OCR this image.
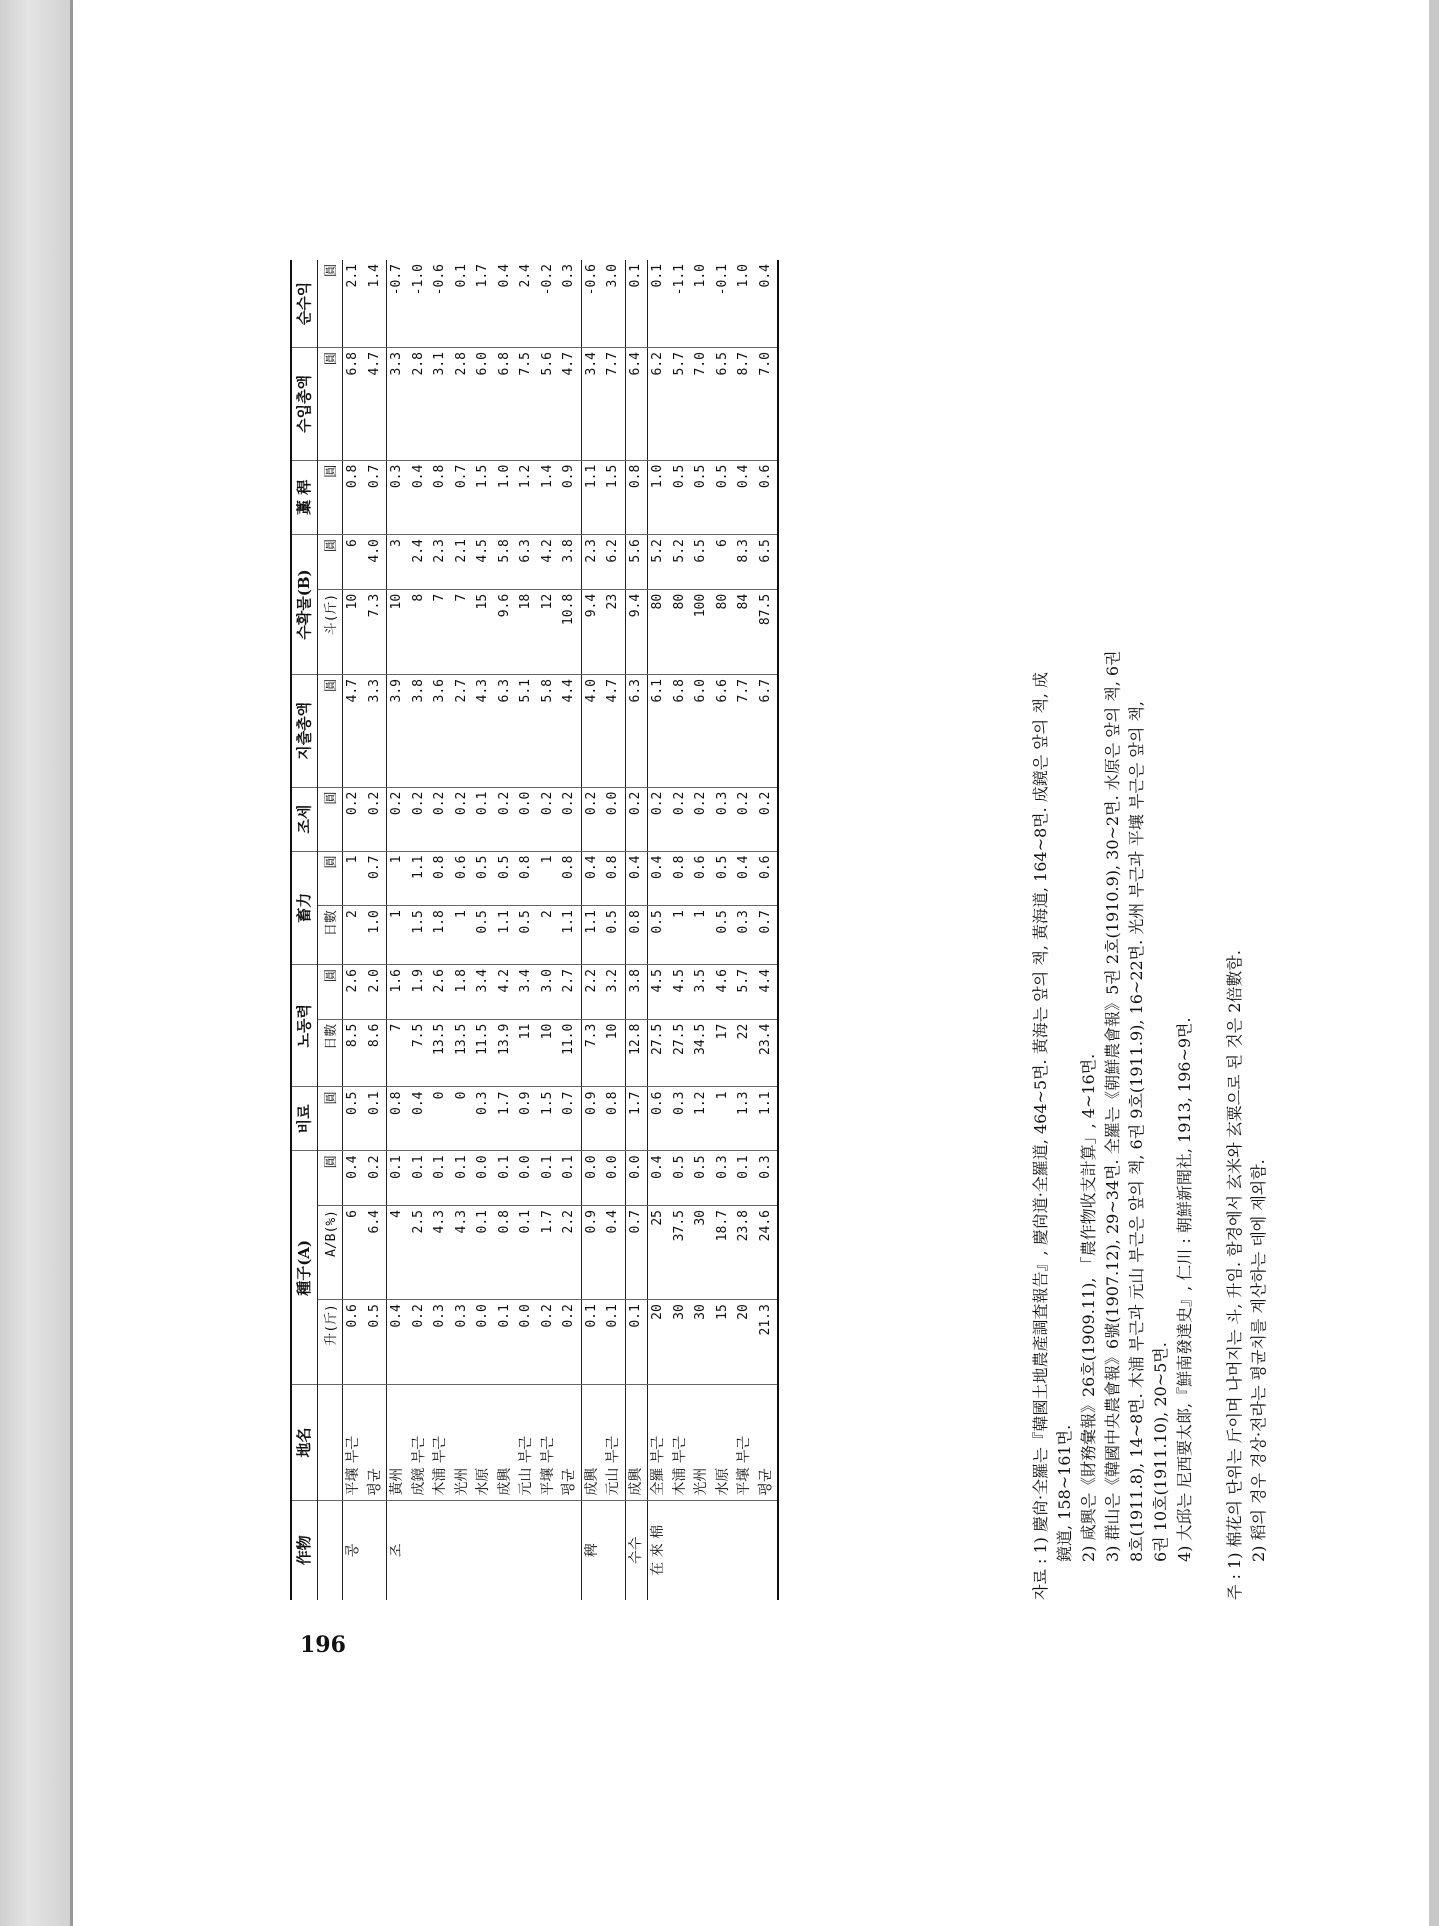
196
作物	地名	種子(A)			비료	노동력		畜力		조세	지출총액	수확물(B)		藁 稈	수입총액	순수익
		升(斤)	A/B(%)	圓	圓	日數	圓	日數	圓	圓	圓	斗(斤)	圓	圓	圓	圓
콩	平壤 부근	0.6	6	0.4	0.5	8.5	2.6	2	1	0.2	4.7	10	6	0.8	6.8	2.1
	평균	0.5	6.4	0.2	0.1	8.6	2.0	1.0	0.7	0.2	3.3	7.3	4.0	0.7	4.7	1.4
조	黃州	0.4	4	0.1	0.8	7	1.6	1	1	0.2	3.9	10	3	0.3	3.3	-0.7
	成鏡 부근	0.2	2.5	0.1	0.4	7.5	1.9	1.5	1.1	0.2	3.8	8	2.4	0.4	2.8	-1.0
	木浦 부근	0.3	4.3	0.1	0	13.5	2.6	1.8	0.8	0.2	3.6	7	2.3	0.8	3.1	-0.6
	光州	0.3	4.3	0.1	0	13.5	1.8	1	0.6	0.2	2.7	7	2.1	0.7	2.8	0.1
	水原	0.0	0.1	0.0	0.3	11.5	3.4	0.5	0.5	0.1	4.3	15	4.5	1.5	6.0	1.7
	成興	0.1	0.8	0.1	1.7	13.9	4.2	1.1	0.5	0.2	6.3	9.6	5.8	1.0	6.8	0.4
	元山 부근	0.0	0.1	0.0	0.9	11	3.4	0.5	0.8	0.0	5.1	18	6.3	1.2	7.5	2.4
	平壤 부근	0.2	1.7	0.1	1.5	10	3.0	2	1	0.2	5.8	12	4.2	1.4	5.6	-0.2
	평균	0.2	2.2	0.1	0.7	11.0	2.7	1.1	0.8	0.2	4.4	10.8	3.8	0.9	4.7	0.3
稗	成興	0.1	0.9	0.0	0.9	7.3	2.2	1.1	0.4	0.2	4.0	9.4	2.3	1.1	3.4	-0.6
	元山 부근	0.1	0.4	0.0	0.8	10	3.2	0.5	0.8	0.0	4.7	23	6.2	1.5	7.7	3.0
수수	成興	0.1	0.7	0.0	1.7	12.8	3.8	0.8	0.4	0.2	6.3	9.4	5.6	0.8	6.4	0.1
在 來 棉	全羅 부근	20	25	0.4	0.6	27.5	4.5	0.5	0.4	0.2	6.1	80	5.2	1.0	6.2	0.1
	木浦 부근	30	37.5	0.5	0.3	27.5	4.5	1	0.8	0.2	6.8	80	5.2	0.5	5.7	-1.1
	光州	30	30	0.5	1.2	34.5	3.5	1	0.6	0.2	6.0	100	6.5	0.5	7.0	1.0
	水原	15	18.7	0.3	1	17	4.6	0.5	0.5	0.3	6.6	80	6	0.5	6.5	-0.1
	平壤 부근	20	23.8	0.1	1.3	22	5.7	0.3	0.4	0.2	7.7	84	8.3	0.4	8.7	1.0
	평균	21.3	24.6	0.3	1.1	23.4	4.4	0.7	0.6	0.2	6.7	87.5	6.5	0.6	7.0	0.4
자료 : 1) 慶尙·全羅는『韓國土地農產調査報告』, 慶尙道·全羅道, 464~5면. 黃海는 앞의 책, 黃海道, 164~8면. 成鏡은 앞의 책, 成 鏡道, 158~161면. 2) 咸興은《財務彙報》26호(1909.11), 「農作物收支計算」, 4~16면. 3) 群山은《韓國中央農會報》6號(1907.12), 29~34면. 全羅는《朝鮮農會報》5권 2호(1910.9), 30~2면. 水原은 앞의 책, 6권 8호(1911.8), 14~8면. 木浦 부근과 元山 부근은 앞의 책, 6권 9호(1911.9), 16~22면. 光州 부근과 平壤 부근은 앞의 책, 6권 10호(1911.10), 20~5면. 4) 大邱는 尼西要太郞,『鮮南發達史』, 仁川 : 朝鮮新聞社, 1913, 196~9면. 주 : 1) 棉花의 단위는 斤이며 나머지는 斗, 升임. 함경에서 玄米와 玄粟으로 된 것은 2倍數함. 2) 稻의 경우 경상·전라는 평균치를 계산하는 데에 제외함.
